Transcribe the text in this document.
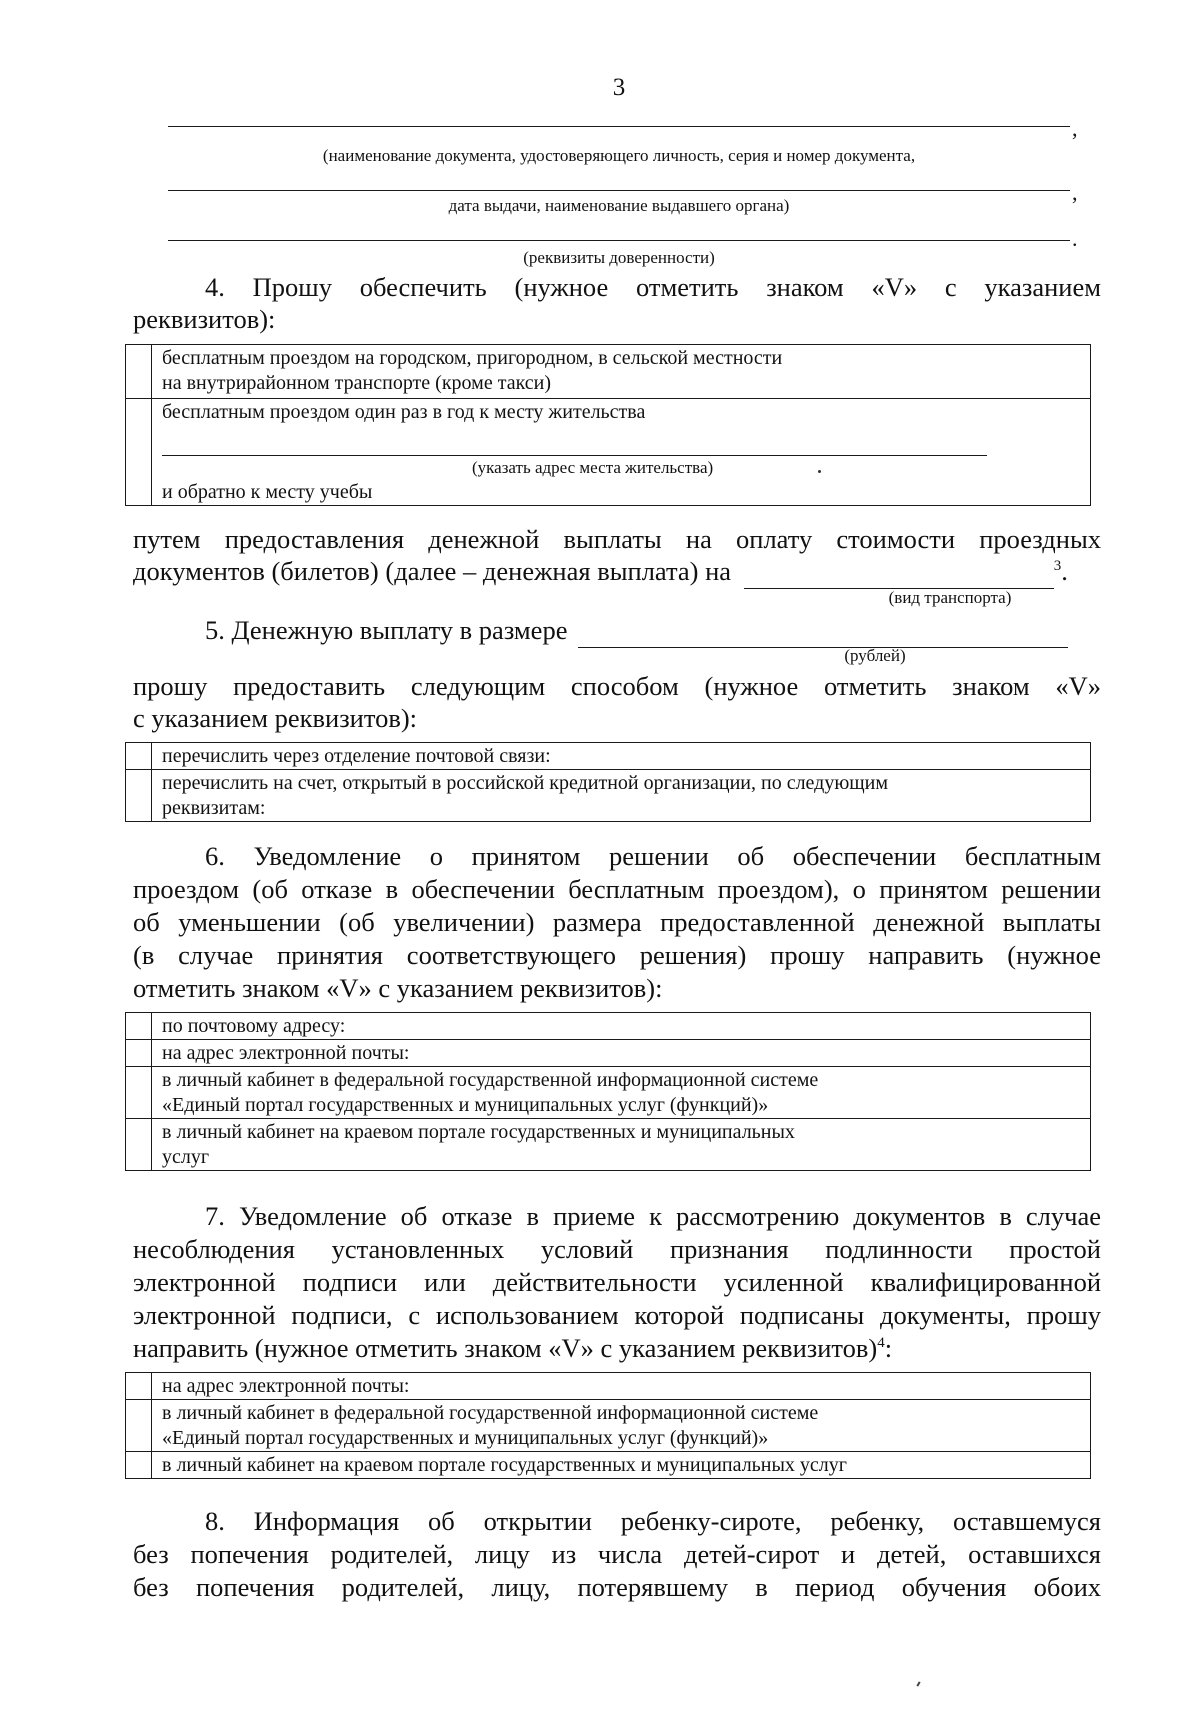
3
,
(наименование документа, удостоверяющего личность, серия и номер документа,
,
дата выдачи, наименование выдавшего органа)
.
(реквизиты доверенности)

4. Прошу обеспечить (нужное отметить знаком «V» с указанием

реквизитов):

	бесплатным проездом на городском, пригородном, в сельской местности
на внутрирайонном транспорте (кроме такси)

	бесплатным проездом один раз в год к месту жительства
(указать адрес места жительства)
и обратно к месту учебы

путем предоставления денежной выплаты на оплату стоимости проездных

документов (билетов) (далее – денежная выплата) на	$^3$.
(вид транспорта)
5. Денежную выплату в размере
(рублей)

прошу предоставить следующим способом (нужное отметить знаком «V»

с указанием реквизитов):

	перечислить через отделение почтовой связи:

	перечислить на счет, открытый в российской кредитной организации, по следующим
реквизитам:

6. Уведомление о принятом решении об обеспечении бесплатным

проездом (об отказе в обеспечении бесплатным проездом), о принятом решении

об уменьшении (об увеличении) размера предоставленной денежной выплаты

(в случае принятия соответствующего решения) прошу направить (нужное

отметить знаком «V» с указанием реквизитов):

	по почтовому адресу:

	на адрес электронной почты:

	в личный кабинет в федеральной государственной информационной системе
«Единый портал государственных и муниципальных услуг (функций)»

	в личный кабинет на краевом портале государственных и муниципальных
услуг

7. Уведомление об отказе в приеме к рассмотрению документов в случае

несоблюдения установленных условий признания подлинности простой

электронной подписи или действительности усиленной квалифицированной

электронной подписи, с использованием которой подписаны документы, прошу

направить (нужное отметить знаком «V» с указанием реквизитов)$^4$:

	на адрес электронной почты:

	в личный кабинет в федеральной государственной информационной системе
«Единый портал государственных и муниципальных услуг (функций)»

	в личный кабинет на краевом портале государственных и муниципальных услуг

8. Информация об открытии ребенку-сироте, ребенку, оставшемуся

без попечения родителей, лицу из числа детей-сирот и детей, оставшихся

без попечения родителей, лицу, потерявшему в период обучения обоих
